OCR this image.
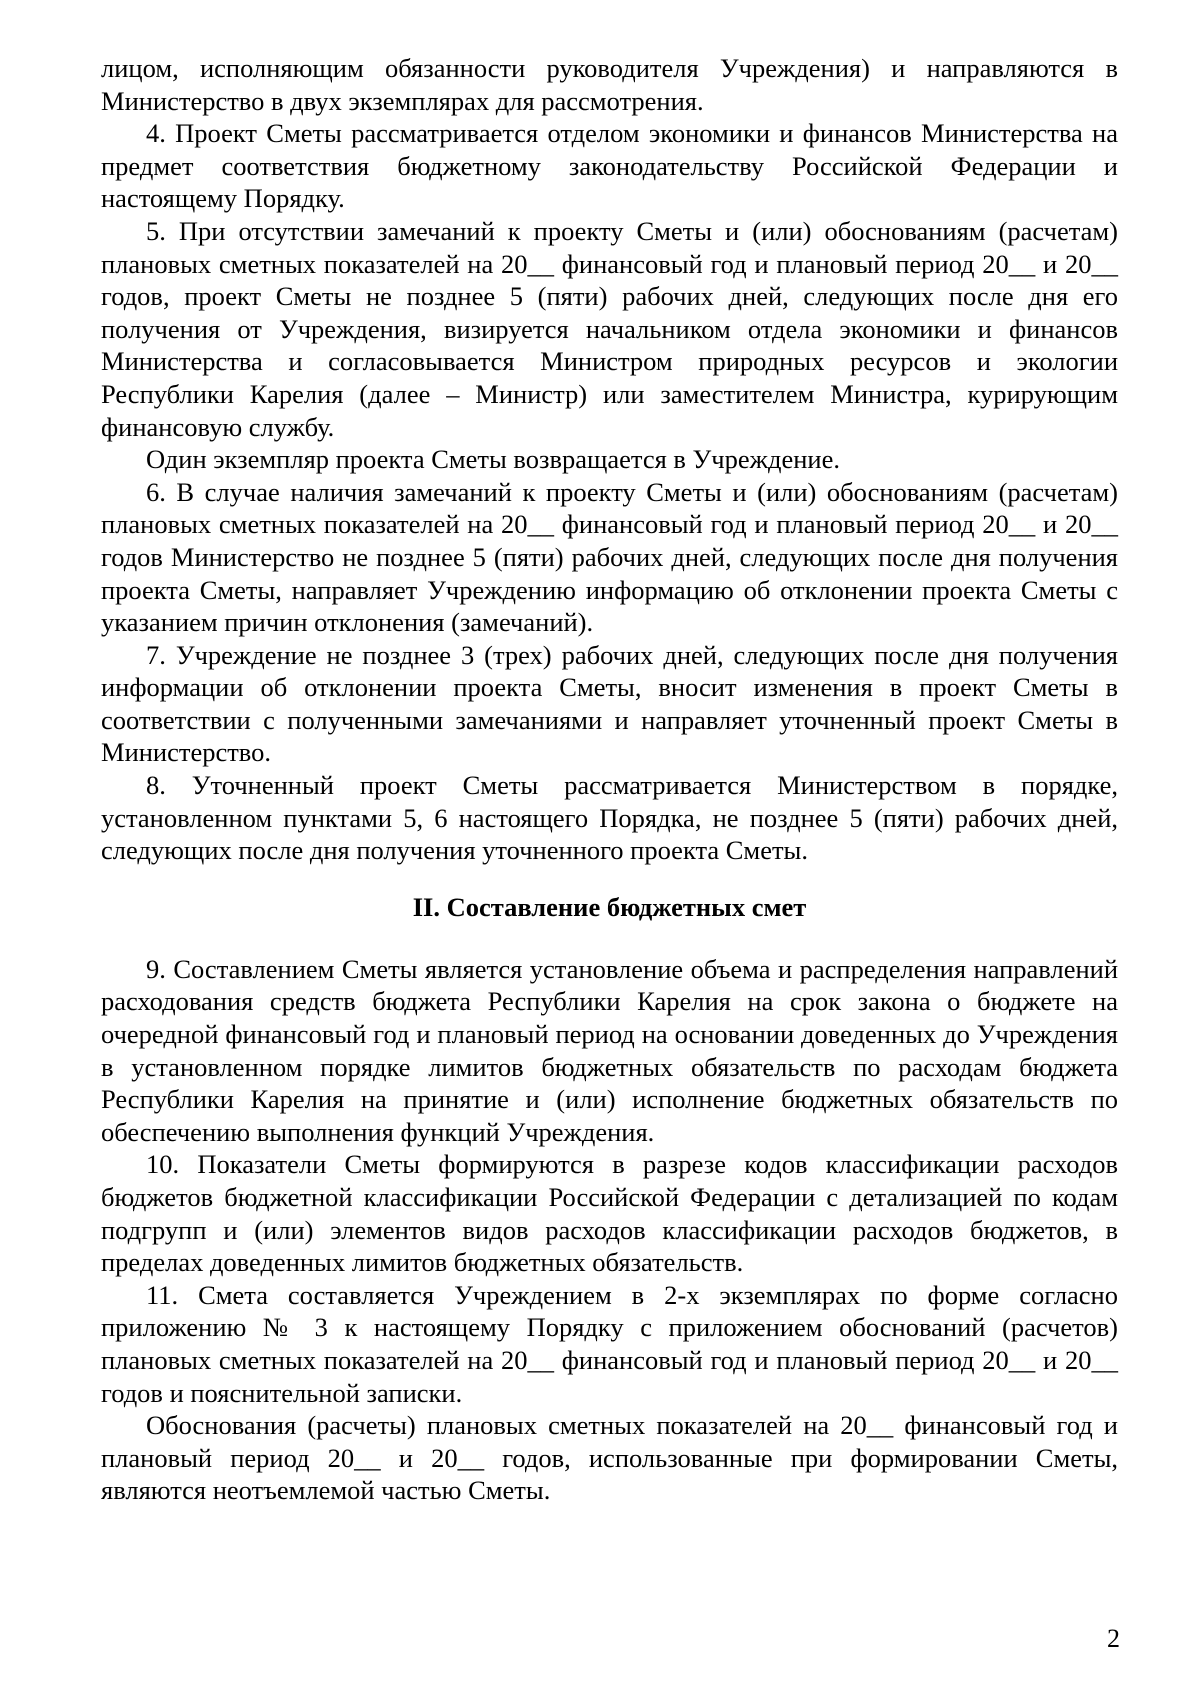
лицом, исполняющим обязанности руководителя Учреждения) и направляются в Министерство в двух экземплярах для рассмотрения.

4. Проект Сметы рассматривается отделом экономики и финансов Министерства на предмет соответствия бюджетному законодательству Российской Федерации и настоящему Порядку.

5. При отсутствии замечаний к проекту Сметы и (или) обоснованиям (расчетам) плановых сметных показателей на 20__ финансовый год и плановый период 20__ и 20__ годов, проект Сметы не позднее 5 (пяти) рабочих дней, следующих после дня его получения от Учреждения, визируется начальником отдела экономики и финансов Министерства и согласовывается Министром природных ресурсов и экологии Республики Карелия (далее – Министр) или заместителем Министра, курирующим финансовую службу.

Один экземпляр проекта Сметы возвращается в Учреждение.

6. В случае наличия замечаний к проекту Сметы и (или) обоснованиям (расчетам) плановых сметных показателей на 20__ финансовый год и плановый период 20__ и 20__ годов Министерство не позднее 5 (пяти) рабочих дней, следующих после дня получения проекта Сметы, направляет Учреждению информацию об отклонении проекта Сметы с указанием причин отклонения (замечаний).

7. Учреждение не позднее 3 (трех) рабочих дней, следующих после дня получения информации об отклонении проекта Сметы, вносит изменения в проект Сметы в соответствии с полученными замечаниями и направляет уточненный проект Сметы в Министерство.

8. Уточненный проект Сметы рассматривается Министерством в порядке, установленном пунктами 5, 6 настоящего Порядка, не позднее 5 (пяти) рабочих дней, следующих после дня получения уточненного проекта Сметы.

II. Составление бюджетных смет

9. Составлением Сметы является установление объема и распределения направлений расходования средств бюджета Республики Карелия на срок закона о бюджете на очередной финансовый год и плановый период на основании доведенных до Учреждения в установленном порядке лимитов бюджетных обязательств по расходам бюджета Республики Карелия на принятие и (или) исполнение бюджетных обязательств по обеспечению выполнения функций Учреждения.

10. Показатели Сметы формируются в разрезе кодов классификации расходов бюджетов бюджетной классификации Российской Федерации с детализацией по кодам подгрупп и (или) элементов видов расходов классификации расходов бюджетов, в пределах доведенных лимитов бюджетных обязательств.

11. Смета составляется Учреждением в 2-х экземплярах по форме согласно приложению № 3 к настоящему Порядку с приложением обоснований (расчетов) плановых сметных показателей на 20__ финансовый год и плановый период 20__ и 20__ годов и пояснительной записки.

Обоснования (расчеты) плановых сметных показателей на 20__ финансовый год и плановый период 20__ и 20__ годов, использованные при формировании Сметы, являются неотъемлемой частью Сметы.

2
